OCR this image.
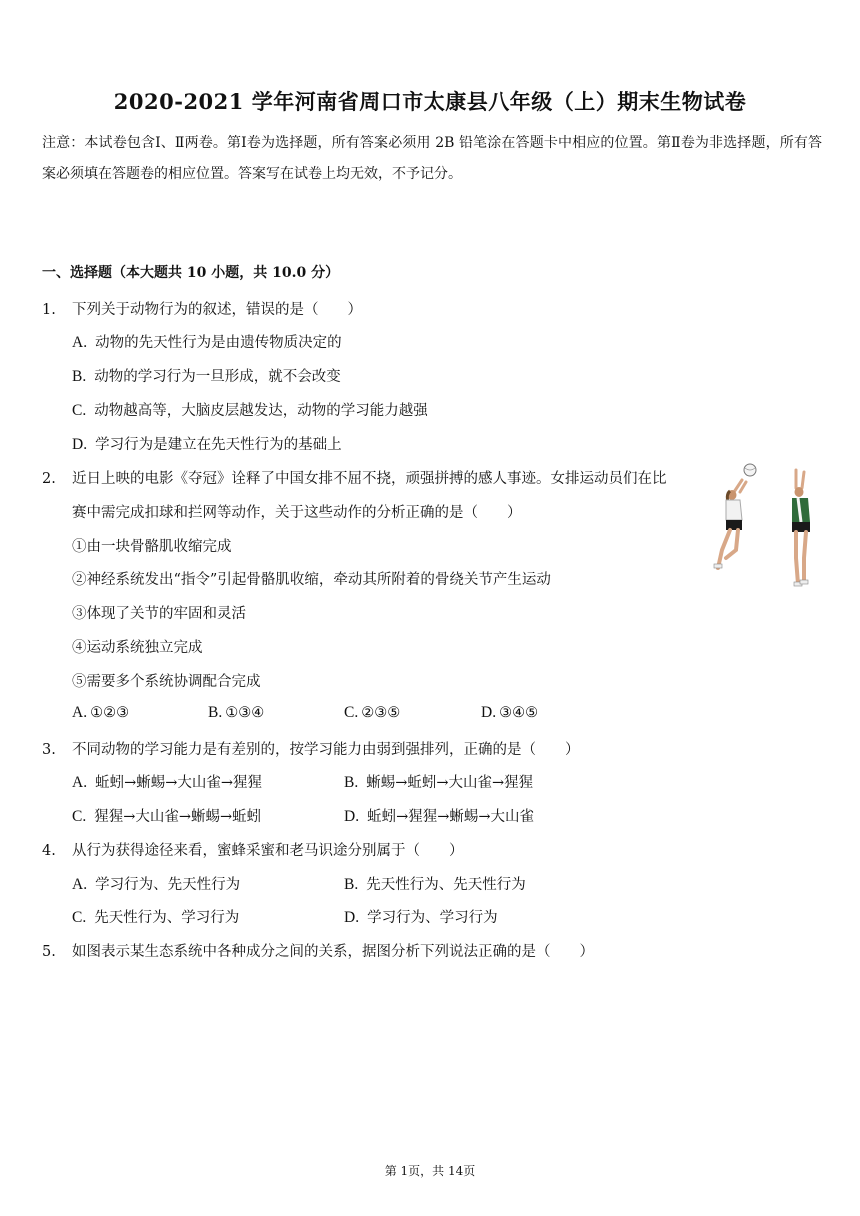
2020-2021 学年河南省周口市太康县八年级（上）期末生物试卷
注意：本试卷包含Ⅰ、Ⅱ两卷。第Ⅰ卷为选择题，所有答案必须用 2B 铅笔涂在答题卡中相应的位置。第Ⅱ卷为非选择题，所有答案必须填在答题卷的相应位置。答案写在试卷上均无效，不予记分。
一、选择题（本大题共 10 小题，共 10.0 分）
1. 下列关于动物行为的叙述，错误的是（　　）
A. 动物的先天性行为是由遗传物质决定的
B. 动物的学习行为一旦形成，就不会改变
C. 动物越高等，大脑皮层越发达，动物的学习能力越强
D. 学习行为是建立在先天性行为的基础上
2. 近日上映的电影《夺冠》诠释了中国女排不屈不挠，顽强拼搏的感人事迹。女排运动员们在比
赛中需完成扣球和拦网等动作，关于这些动作的分析正确的是（　　）
①由一块骨骼肌收缩完成
②神经系统发出“指令”引起骨骼肌收缩，牵动其所附着的骨绕关节产生运动
③体现了关节的牢固和灵活
④运动系统独立完成
⑤需要多个系统协调配合完成
A. ①②③	B. ①③④	C. ②③⑤	D. ③④⑤
3. 不同动物的学习能力是有差别的，按学习能力由弱到强排列，正确的是（　　）
A. 蚯蚓→蜥蜴→大山雀→猩猩	B. 蜥蜴→蚯蚓→大山雀→猩猩
C. 猩猩→大山雀→蜥蜴→蚯蚓	D. 蚯蚓→猩猩→蜥蜴→大山雀
4. 从行为获得途径来看，蜜蜂采蜜和老马识途分别属于（　　）
A. 学习行为、先天性行为	B. 先天性行为、先天性行为
C. 先天性行为、学习行为	D. 学习行为、学习行为
5. 如图表示某生态系统中各种成分之间的关系，据图分析下列说法正确的是（　　）
第 1页，共 14页
